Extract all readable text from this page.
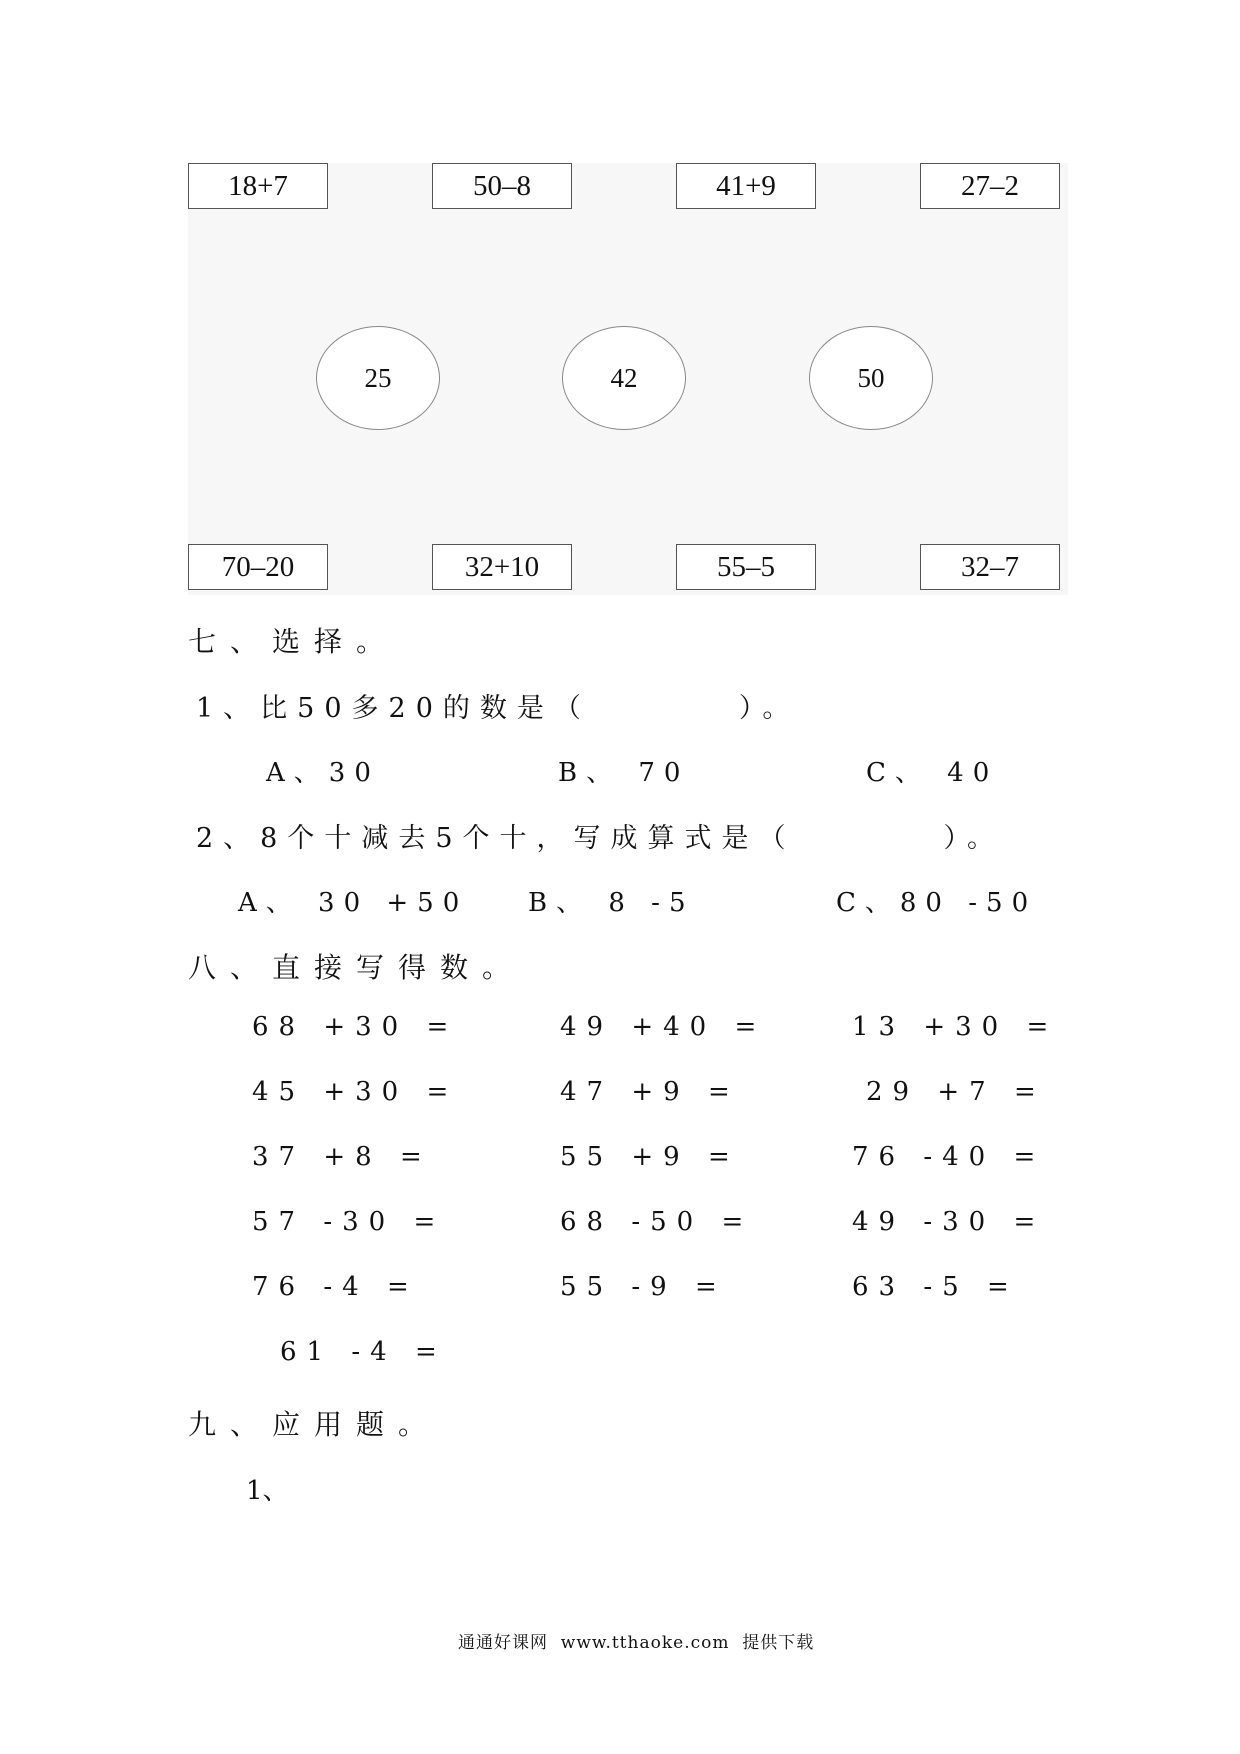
18+7	50–8	41+9	27–2
25	42	50
70–20	32+10	55–5	32–7
七、选择。
1、比50多20的数是（　　　　）。
A、30	B、 70	C、 40
2、8个十减去5个十，写成算式是（　　　　）。
A、 30 +50 B、 8 -5	C、80 -50
八、直接写得数。
68 +30 =	49 +40 =	13 +30 =
45 +30 =	47 +9 =	29 +7 =
37 +8 =	55 +9 =	76 -40 =
57 -30 =	68 -50 =	49 -30 =
76 -4 =	55 -9 =	63 -5 =
61 -4 =
九、应用题。
1、
通通好课网  www.tthaoke.com  提供下载
